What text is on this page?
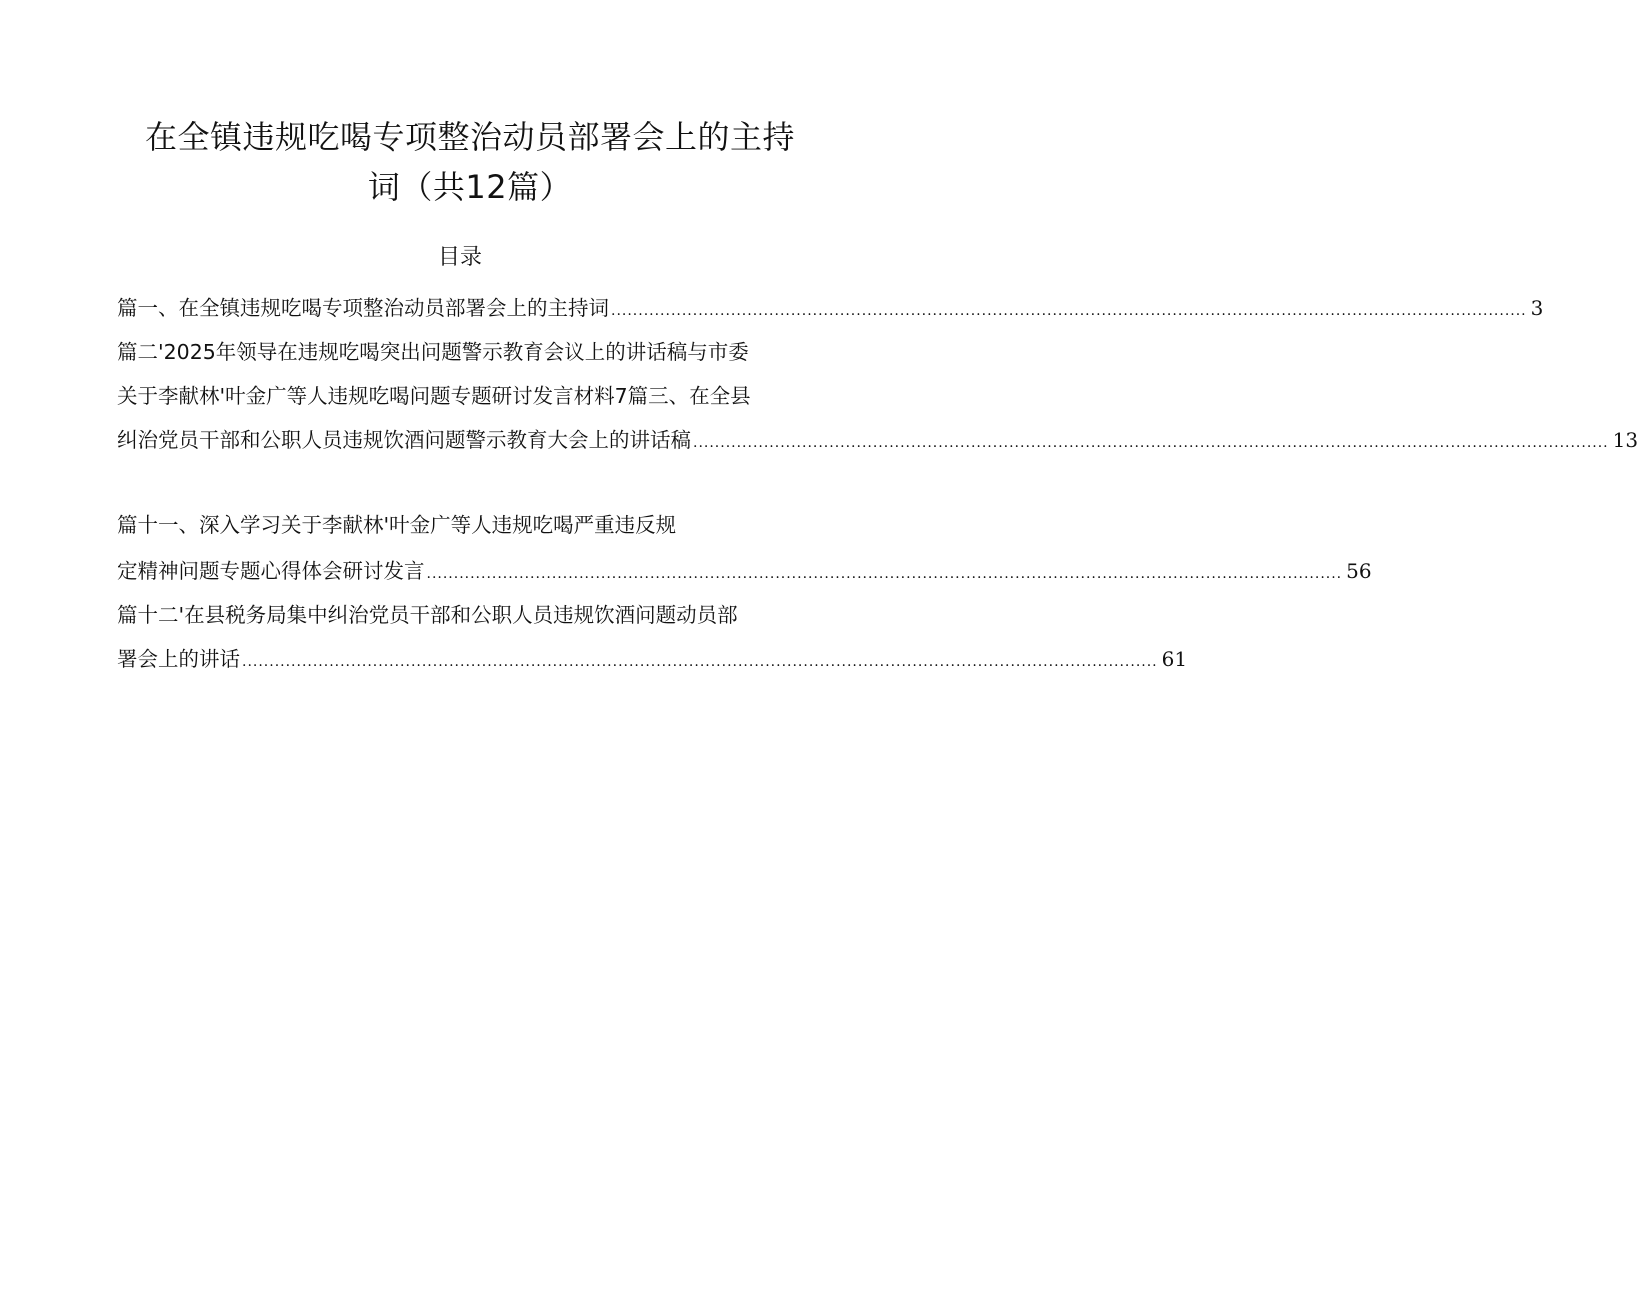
在全镇违规吃喝专项整治动员部署会上的主持
词（共12篇）
目录
篇一、在全镇违规吃喝专项整治动员部署会上的主持词 ........................................................................................................................................................................ 3
篇二'2025年领导在违规吃喝突出问题警示教育会议上的讲话稿与市委
关于李献林'叶金广等人违规吃喝问题专题研讨发言材料7篇三、在全县
纠治党员干部和公职人员违规饮酒问题警示教育大会上的讲话稿 ........................................................................................................................................................................ 13
篇十一、深入学习关于李献林'叶金广等人违规吃喝严重违反规
定精神问题专题心得体会研讨发言 ........................................................................................................................................................................ 56
篇十二'在县税务局集中纠治党员干部和公职人员违规饮酒问题动员部
署会上的讲话 ........................................................................................................................................................................ 61
